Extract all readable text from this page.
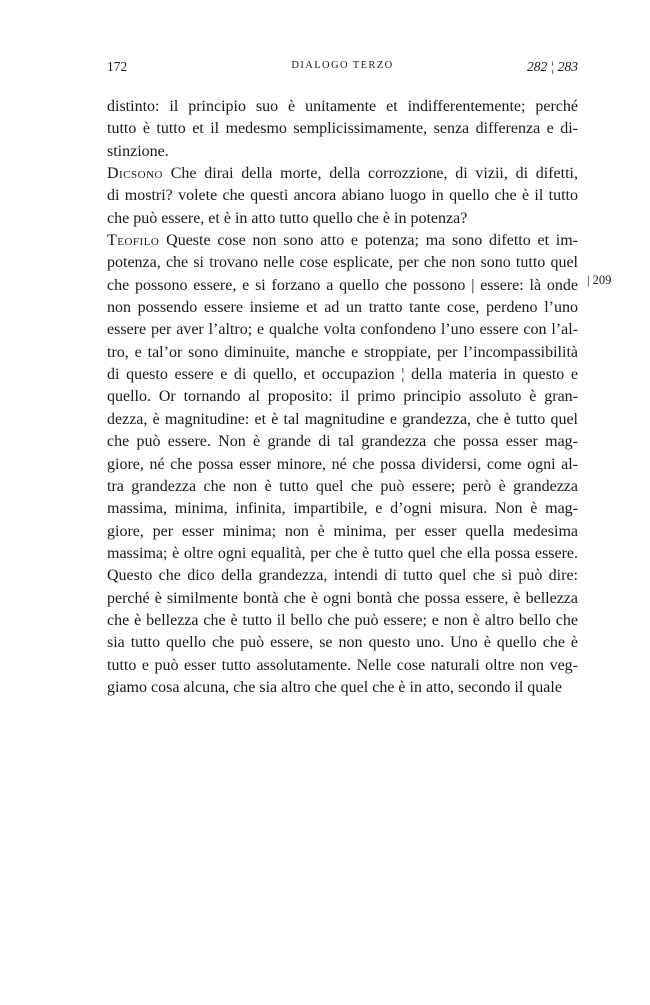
172	DIALOGO TERZO	282 ¦ 283
distinto: il principio suo è unitamente et indifferentemente; perché
tutto è tutto et il medesmo semplicissimamente, senza differenza e di-
stinzione.
Dicsono Che dirai della morte, della corrozzione, di vizii, di difetti,
di mostri? volete che questi ancora abiano luogo in quello che è il tutto
che può essere, et è in atto tutto quello che è in potenza?
Teofilo Queste cose non sono atto e potenza; ma sono difetto et im-
potenza, che si trovano nelle cose esplicate, per che non sono tutto quel
che possono essere, e si forzano a quello che possono | essere: là onde
non possendo essere insieme et ad un tratto tante cose, perdeno l’uno
essere per aver l’altro; e qualche volta confondeno l’uno essere con l’al-
tro, e tal’or sono diminuite, manche e stroppiate, per l’incompassibilità
di questo essere e di quello, et occupazion ¦ della materia in questo e
quello. Or tornando al proposito: il primo principio assoluto è gran-
dezza, è magnitudine: et è tal magnitudine e grandezza, che è tutto quel
che può essere. Non è grande di tal grandezza che possa esser mag-
giore, né che possa esser minore, né che possa dividersi, come ogni al-
tra grandezza che non è tutto quel che può essere; però è grandezza
massima, minima, infinita, impartibile, e d’ogni misura. Non è mag-
giore, per esser minima; non è minima, per esser quella medesima
massima; è oltre ogni equalità, per che è tutto quel che ella possa essere.
Questo che dico della grandezza, intendi di tutto quel che si può dire:
perché è similmente bontà che è ogni bontà che possa essere, è bellezza
che è bellezza che è tutto il bello che può essere; e non è altro bello che
sia tutto quello che può essere, se non questo uno. Uno è quello che è
tutto e può esser tutto assolutamente. Nelle cose naturali oltre non veg-
giamo cosa alcuna, che sia altro che quel che è in atto, secondo il quale
| 209
